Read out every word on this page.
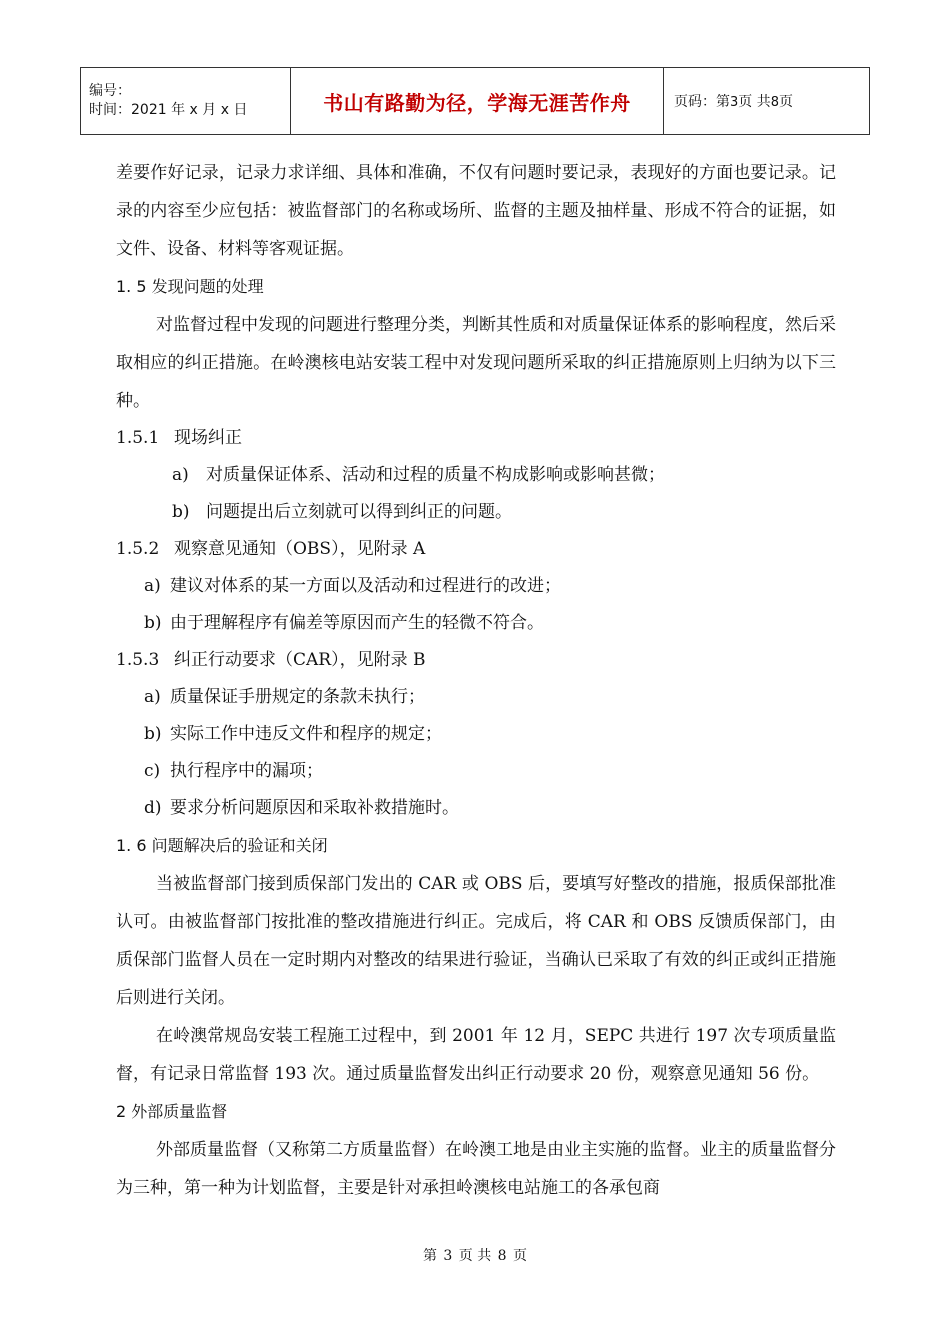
编号：
时间：2021 年 x 月 x 日	书山有路勤为径，学海无涯苦作舟	页码：第3页 共8页

差要作好记录，记录力求详细、具体和准确，不仅有问题时要记录，表现好的方面也要记录。记录的内容至少应包括：被监督部门的名称或场所、监督的主题及抽样量、形成不符合的证据，如文件、设备、材料等客观证据。

1. 5 发现问题的处理

对监督过程中发现的问题进行整理分类，判断其性质和对质量保证体系的影响程度，然后采取相应的纠正措施。在岭澳核电站安装工程中对发现问题所采取的纠正措施原则上归纳为以下三种。

1.5.1 现场纠正

a) 对质量保证体系、活动和过程的质量不构成影响或影响甚微；

b) 问题提出后立刻就可以得到纠正的问题。

1.5.2 观察意见通知（OBS），见附录 A

a) 建议对体系的某一方面以及活动和过程进行的改进；

b) 由于理解程序有偏差等原因而产生的轻微不符合。

1.5.3 纠正行动要求（CAR），见附录 B

a) 质量保证手册规定的条款未执行；

b) 实际工作中违反文件和程序的规定；

c) 执行程序中的漏项；

d) 要求分析问题原因和采取补救措施时。

1. 6 问题解决后的验证和关闭

当被监督部门接到质保部门发出的 CAR 或 OBS 后，要填写好整改的措施，报质保部批准认可。由被监督部门按批准的整改措施进行纠正。完成后，将 CAR 和 OBS 反馈质保部门，由质保部门监督人员在一定时期内对整改的结果进行验证，当确认已采取了有效的纠正或纠正措施后则进行关闭。

在岭澳常规岛安装工程施工过程中，到 2001 年 12 月，SEPC 共进行 197 次专项质量监督，有记录日常监督 193 次。通过质量监督发出纠正行动要求 20 份，观察意见通知 56 份。

2 外部质量监督

外部质量监督（又称第二方质量监督）在岭澳工地是由业主实施的监督。业主的质量监督分为三种，第一种为计划监督，主要是针对承担岭澳核电站施工的各承包商

第 3 页 共 8 页
